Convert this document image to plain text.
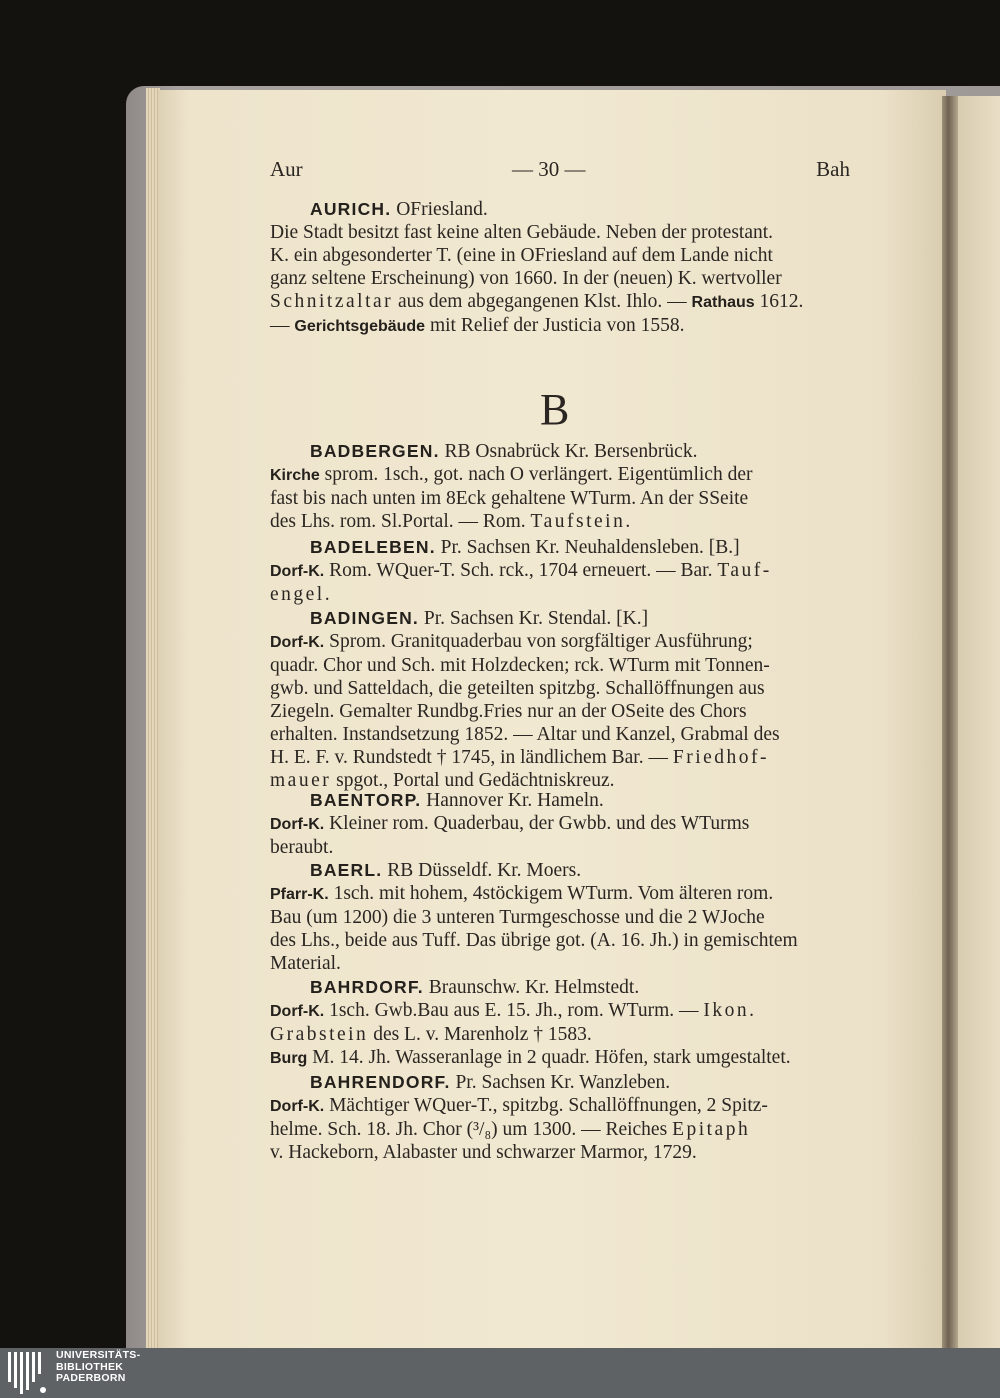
Aur	— 30 —	Bah
AURICH. OFriesland.
Die Stadt besitzt fast keine alten Gebäude. Neben der protestant.
K. ein abgesonderter T. (eine in OFriesland auf dem Lande nicht
ganz seltene Erscheinung) von 1660. In der (neuen) K. wertvoller
Schnitzaltar aus dem abgegangenen Klst. Ihlo. — Rathaus 1612.
— Gerichtsgebäude mit Relief der Justicia von 1558.
B
BADBERGEN. RB Osnabrück Kr. Bersenbrück.
Kirche sprom. 1sch., got. nach O verlängert. Eigentümlich der
fast bis nach unten im 8Eck gehaltene WTurm. An der SSeite
des Lhs. rom. Sl.Portal. — Rom. Taufstein.
BADELEBEN. Pr. Sachsen Kr. Neuhaldensleben. [B.]
Dorf-K. Rom. WQuer-T. Sch. rck., 1704 erneuert. — Bar. Tauf-
engel.
BADINGEN. Pr. Sachsen Kr. Stendal. [K.]
Dorf-K. Sprom. Granitquaderbau von sorgfältiger Ausführung;
quadr. Chor und Sch. mit Holzdecken; rck. WTurm mit Tonnen-
gwb. und Satteldach, die geteilten spitzbg. Schallöffnungen aus
Ziegeln. Gemalter Rundbg.Fries nur an der OSeite des Chors
erhalten. Instandsetzung 1852. — Altar und Kanzel, Grabmal des
H. E. F. v. Rundstedt † 1745, in ländlichem Bar. — Friedhof-
mauer spgot., Portal und Gedächtniskreuz.
BAENTORP. Hannover Kr. Hameln.
Dorf-K. Kleiner rom. Quaderbau, der Gwbb. und des WTurms
beraubt.
BAERL. RB Düsseldf. Kr. Moers.
Pfarr-K. 1sch. mit hohem, 4stöckigem WTurm. Vom älteren rom.
Bau (um 1200) die 3 unteren Turmgeschosse und die 2 WJoche
des Lhs., beide aus Tuff. Das übrige got. (A. 16. Jh.) in gemischtem
Material.
BAHRDORF. Braunschw. Kr. Helmstedt.
Dorf-K. 1sch. Gwb.Bau aus E. 15. Jh., rom. WTurm. — Ikon.
Grabstein des L. v. Marenholz † 1583.
Burg M. 14. Jh. Wasseranlage in 2 quadr. Höfen, stark umgestaltet.
BAHRENDORF. Pr. Sachsen Kr. Wanzleben.
Dorf-K. Mächtiger WQuer-T., spitzbg. Schallöffnungen, 2 Spitz-
helme. Sch. 18. Jh. Chor (³/₈) um 1300. — Reiches Epitaph
v. Hackeborn, Alabaster und schwarzer Marmor, 1729.
UNIVERSITÄTS-
BIBLIOTHEK
PADERBORN
